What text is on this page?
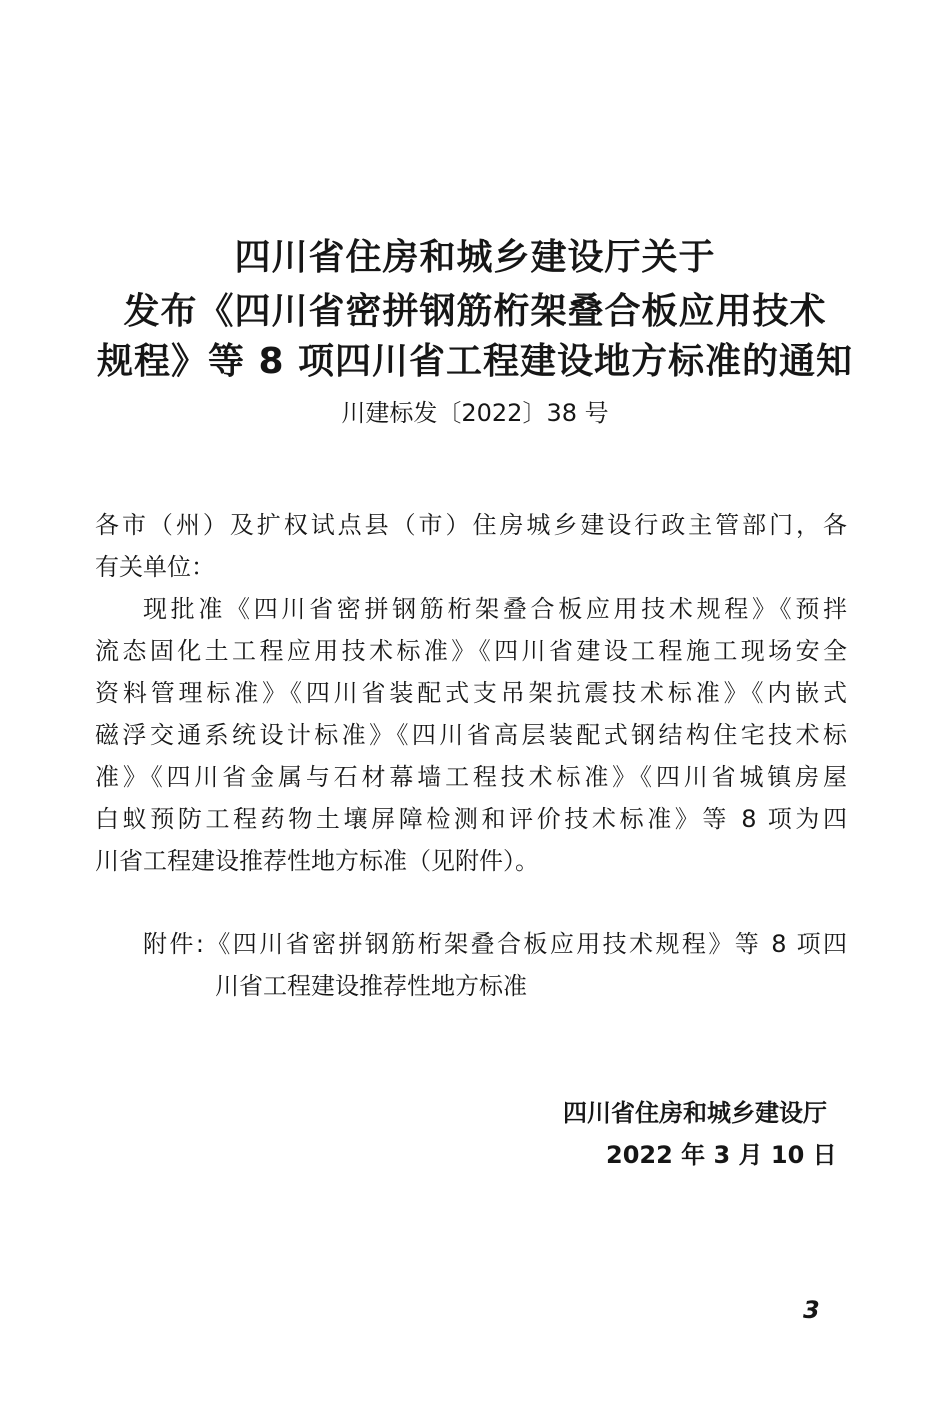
四川省住房和城乡建设厅关于
发布《四川省密拼钢筋桁架叠合板应用技术
规程》等 8 项四川省工程建设地方标准的通知
川建标发〔2022〕38 号
各市（州）及扩权试点县（市）住房城乡建设行政主管部门，各
有关单位：
现批准《四川省密拼钢筋桁架叠合板应用技术规程》《预拌
流态固化土工程应用技术标准》《四川省建设工程施工现场安全
资料管理标准》《四川省装配式支吊架抗震技术标准》《内嵌式
磁浮交通系统设计标准》《四川省高层装配式钢结构住宅技术标
准》《四川省金属与石材幕墙工程技术标准》《四川省城镇房屋
白蚁预防工程药物土壤屏障检测和评价技术标准》等 8 项为四
川省工程建设推荐性地方标准（见附件）。
附件:《四川省密拼钢筋桁架叠合板应用技术规程》等 8 项四
川省工程建设推荐性地方标准
四川省住房和城乡建设厅
2022 年 3 月 10 日
3
